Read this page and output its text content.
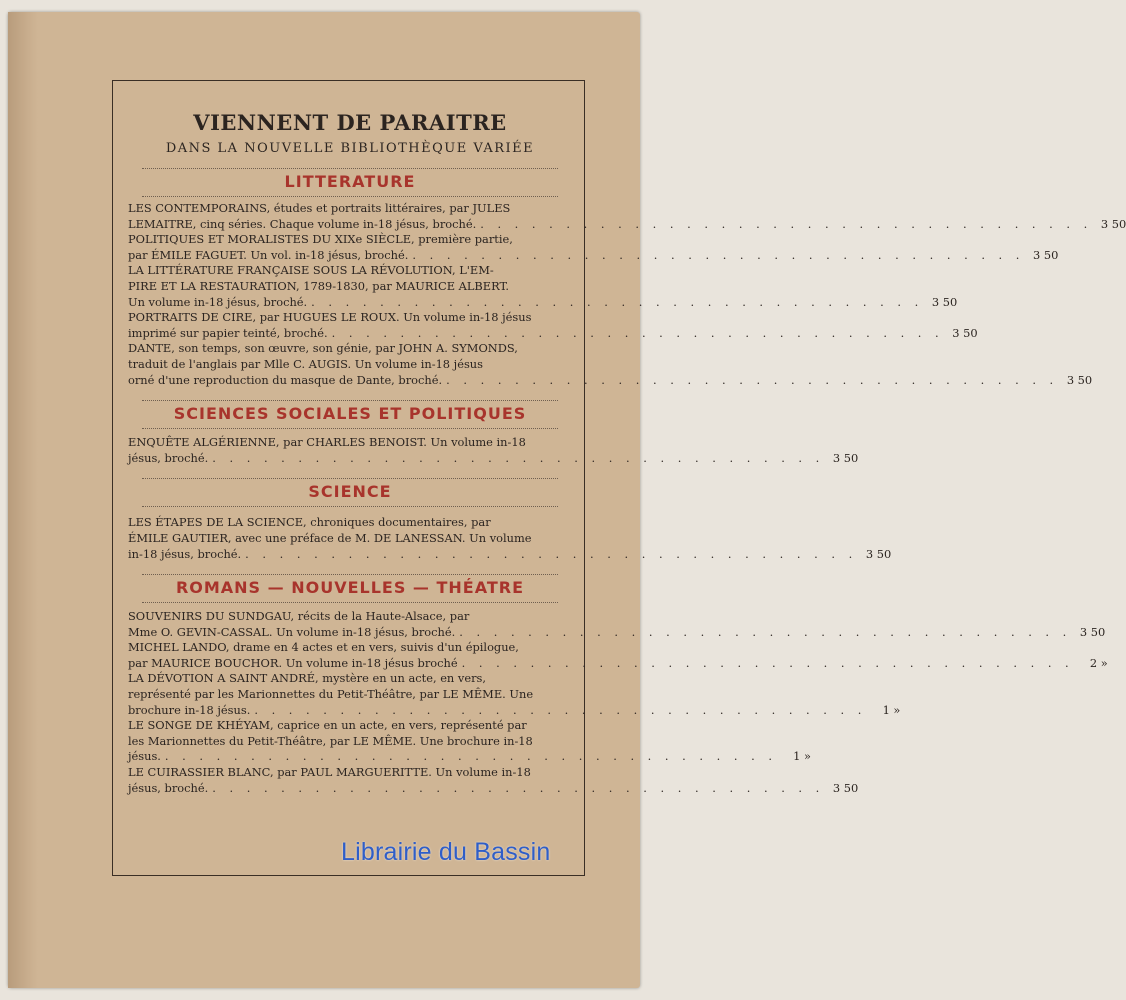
VIENNENT DE PARAITRE

DANS LA NOUVELLE BIBLIOTHÈQUE VARIÉE

LITTERATURE
LES CONTEMPORAINS, études et portraits littéraires, par JULES
LEMAITRE, cinq séries. Chaque volume in-18 jésus, broché. . . . . . . . . . . . . . . . . . . . . . . . . . . . . . . . . . . . . 3 50
POLITIQUES ET MORALISTES DU XIXe SIÈCLE, première partie,
par ÉMILE FAGUET. Un vol. in-18 jésus, broché. . . . . . . . . . . . . . . . . . . . . . . . . . . . . . . . . . . . . 3 50
LA LITTÉRATURE FRANÇAISE SOUS LA RÉVOLUTION, L'EM-
PIRE ET LA RESTAURATION, 1789-1830, par MAURICE ALBERT.
Un volume in-18 jésus, broché. . . . . . . . . . . . . . . . . . . . . . . . . . . . . . . . . . . . . 3 50
PORTRAITS DE CIRE, par HUGUES LE ROUX. Un volume in-18 jésus
imprimé sur papier teinté, broché. . . . . . . . . . . . . . . . . . . . . . . . . . . . . . . . . . . . . 3 50
DANTE, son temps, son œuvre, son génie, par JOHN A. SYMONDS,
traduit de l'anglais par Mlle C. AUGIS. Un volume in-18 jésus
orné d'une reproduction du masque de Dante, broché. . . . . . . . . . . . . . . . . . . . . . . . . . . . . . . . . . . . . 3 50
SCIENCES SOCIALES ET POLITIQUES
ENQUÊTE ALGÉRIENNE, par CHARLES BENOIST. Un volume in-18
jésus, broché. . . . . . . . . . . . . . . . . . . . . . . . . . . . . . . . . . . . . 3 50
SCIENCE
LES ÉTAPES DE LA SCIENCE, chroniques documentaires, par
ÉMILE GAUTIER, avec une préface de M. DE LANESSAN. Un volume
in-18 jésus, broché. . . . . . . . . . . . . . . . . . . . . . . . . . . . . . . . . . . . . 3 50
ROMANS — NOUVELLES — THÉATRE
SOUVENIRS DU SUNDGAU, récits de la Haute-Alsace, par
Mme O. GEVIN-CASSAL. Un volume in-18 jésus, broché. . . . . . . . . . . . . . . . . . . . . . . . . . . . . . . . . . . . . 3 50
MICHEL LANDO, drame en 4 actes et en vers, suivis d'un épilogue,
par MAURICE BOUCHOR. Un volume in-18 jésus broché . . . . . . . . . . . . . . . . . . . . . . . . . . . . . . . . . . . .	2 »
LA DÉVOTION A SAINT ANDRÉ, mystère en un acte, en vers,
représenté par les Marionnettes du Petit-Théâtre, par LE MÊME. Une
brochure in-18 jésus. . . . . . . . . . . . . . . . . . . . . . . . . . . . . . . . . . . . .	1 »
LE SONGE DE KHÉYAM, caprice en un acte, en vers, représenté par
les Marionnettes du Petit-Théâtre, par LE MÊME. Une brochure in-18
jésus. . . . . . . . . . . . . . . . . . . . . . . . . . . . . . . . . . . . .	1 »
LE CUIRASSIER BLANC, par PAUL MARGUERITTE. Un volume in-18
jésus, broché. . . . . . . . . . . . . . . . . . . . . . . . . . . . . . . . . . . . . 3 50
Librairie du Bassin
